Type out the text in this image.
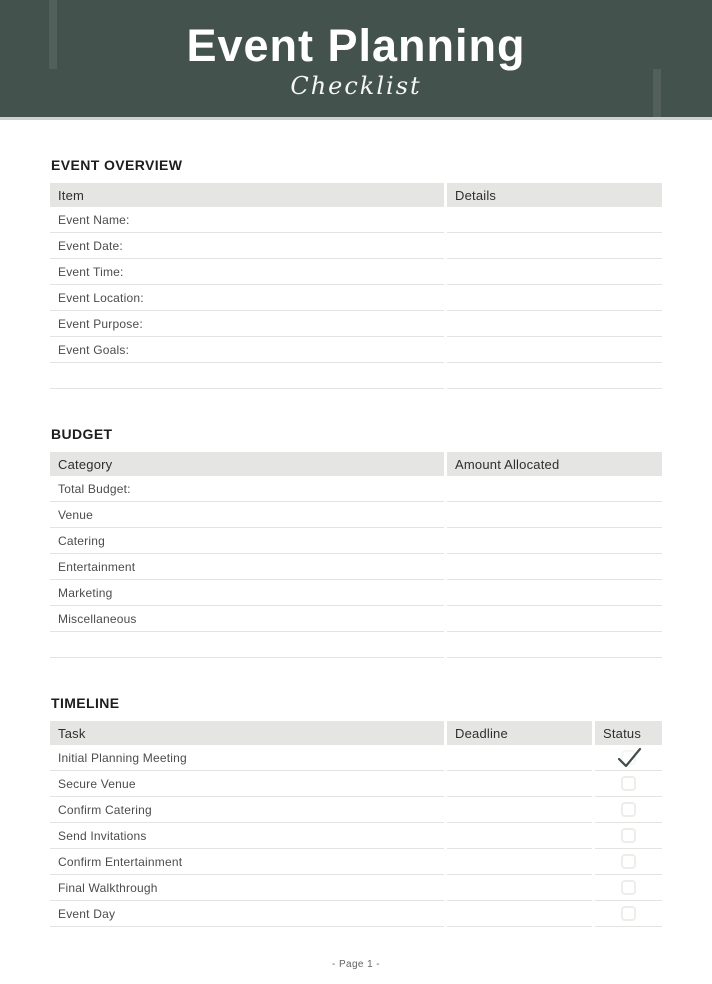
Event Planning
Checklist
EVENT OVERVIEW
Item	Details
Event Name:
Event Date:
Event Time:
Event Location:
Event Purpose:
Event Goals:
BUDGET
Category	Amount Allocated
Total Budget:
Venue
Catering
Entertainment
Marketing
Miscellaneous
TIMELINE
Task	Deadline	Status
Initial Planning Meeting
Secure Venue
Confirm Catering
Send Invitations
Confirm Entertainment
Final Walkthrough
Event Day
- Page 1 -
